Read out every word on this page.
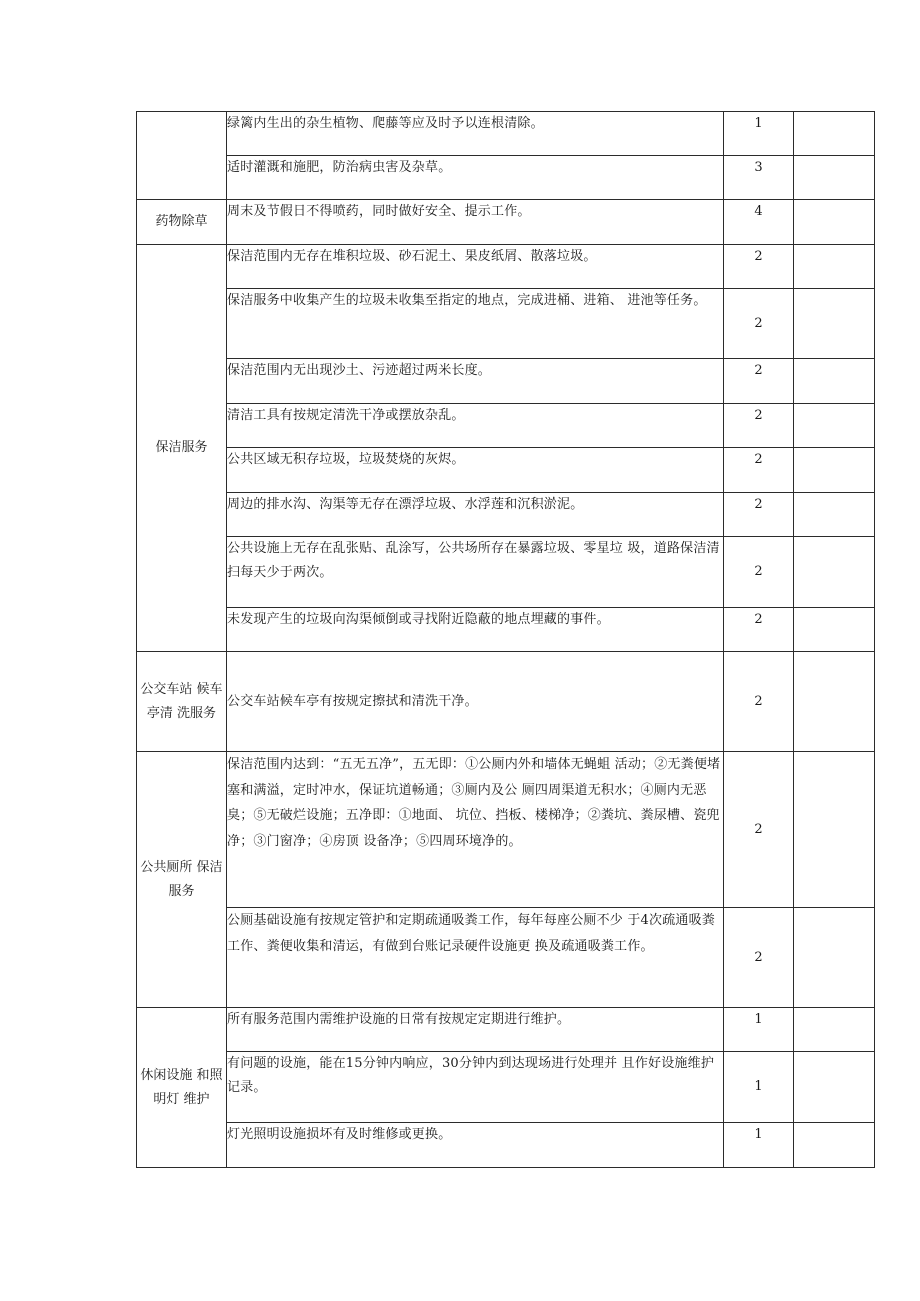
	绿篱内生出的杂生植物、爬藤等应及时予以连根清除。	1	
	适时灌溉和施肥，防治病虫害及杂草。	3	
药物除草	周末及节假日不得喷药，同时做好安全、提示工作。	4	
保洁服务	保洁范围内无存在堆积垃圾、砂石泥土、果皮纸屑、散落垃圾。	2	
	保洁服务中收集产生的垃圾未收集至指定的地点，完成进桶、进箱、 进池等任务。	2	
	保洁范围内无出现沙土、污迹超过两米长度。	2	
	清洁工具有按规定清洗干净或摆放杂乱。	2	
	公共区域无积存垃圾，垃圾焚烧的灰烬。	2	
	周边的排水沟、沟渠等无存在漂浮垃圾、水浮莲和沉积淤泥。	2	
	公共设施上无存在乱张贴、乱涂写，公共场所存在暴露垃圾、零星垃 圾，道路保洁清扫每天少于两次。	2	
	未发现产生的垃圾向沟渠倾倒或寻找附近隐蔽的地点埋藏的事件。	2	
公交车站 候车亭清 洗服务	公交车站候车亭有按规定擦拭和清洗干净。	2	
公共厕所 保洁服务	保洁范围内达到：“五无五净”，五无即：①公厕内外和墙体无蝇蛆 活动；②无粪便堵塞和满溢，定时冲水，保证坑道畅通；③厕内及公 厕四周渠道无积水；④厕内无恶臭；⑤无破烂设施；五净即：①地面、 坑位、挡板、楼梯净；②粪坑、粪尿槽、瓷兜净；③门窗净；④房顶 设备净；⑤四周环境净的。	2	
	公厕基础设施有按规定管护和定期疏通吸粪工作，每年每座公厕不少 于4次疏通吸粪工作、粪便收集和清运，有做到台账记录硬件设施更 换及疏通吸粪工作。	2	
休闲设施 和照明灯 维护	所有服务范围内需维护设施的日常有按规定定期进行维护。	1	
	有问题的设施，能在15分钟内响应，30分钟内到达现场进行处理并 且作好设施维护记录。	1	
	灯光照明设施损坏有及时维修或更换。	1	
